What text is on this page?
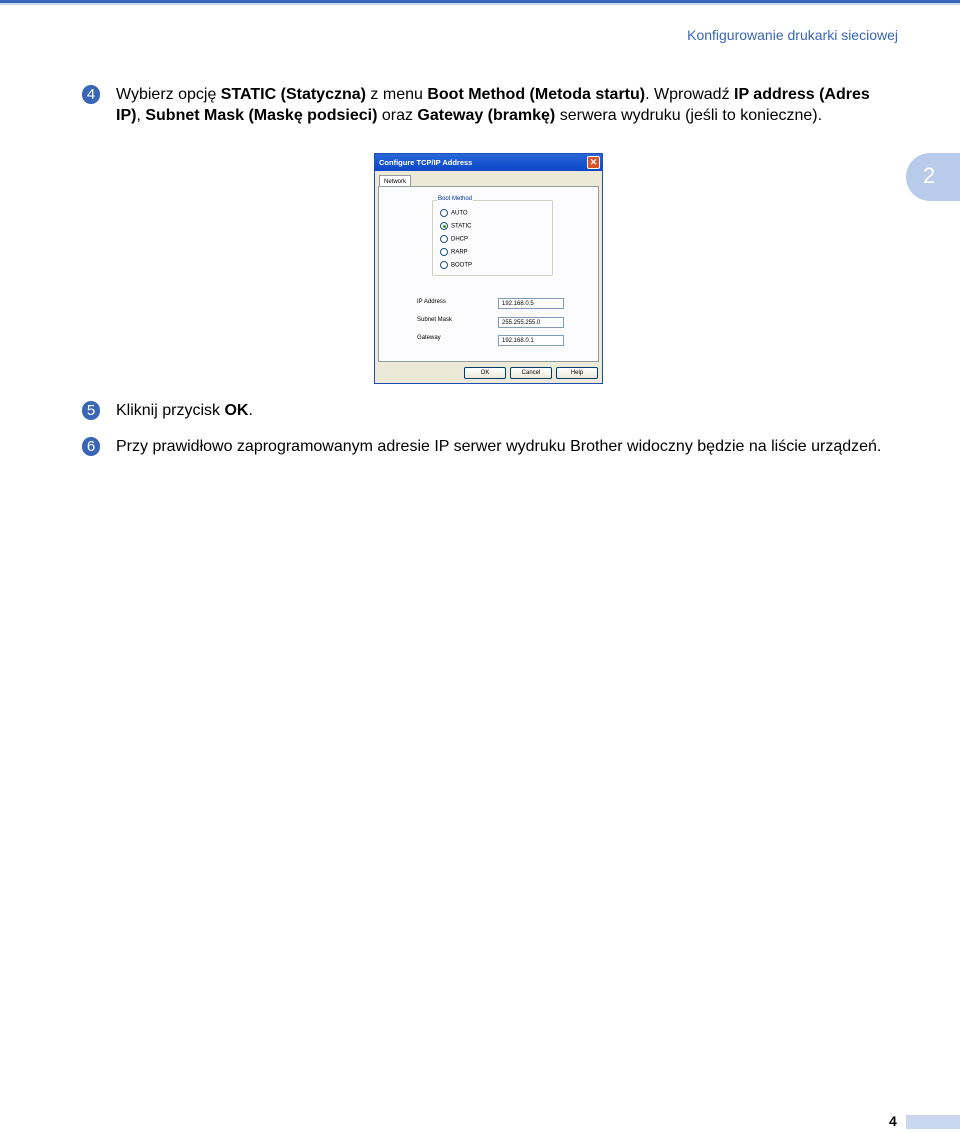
Konfigurowanie drukarki sieciowej
2
4	Wybierz opcję STATIC (Statyczna) z menu Boot Method (Metoda startu). Wprowadź IP address (Adres IP), Subnet Mask (Maskę podsieci) oraz Gateway (bramkę) serwera wydruku (jeśli to konieczne).
Configure TCP/IP Address	✕
Network
Boot Method
AUTO
STATIC
DHCP
RARP
BOOTP
IP Address	192.168.0.5
Subnet Mask	255.255.255.0
Gateway	192.168.0.1
OK	Cancel	Help
5	Kliknij przycisk OK.
6	Przy prawidłowo zaprogramowanym adresie IP serwer wydruku Brother widoczny będzie na liście urządzeń.
4
